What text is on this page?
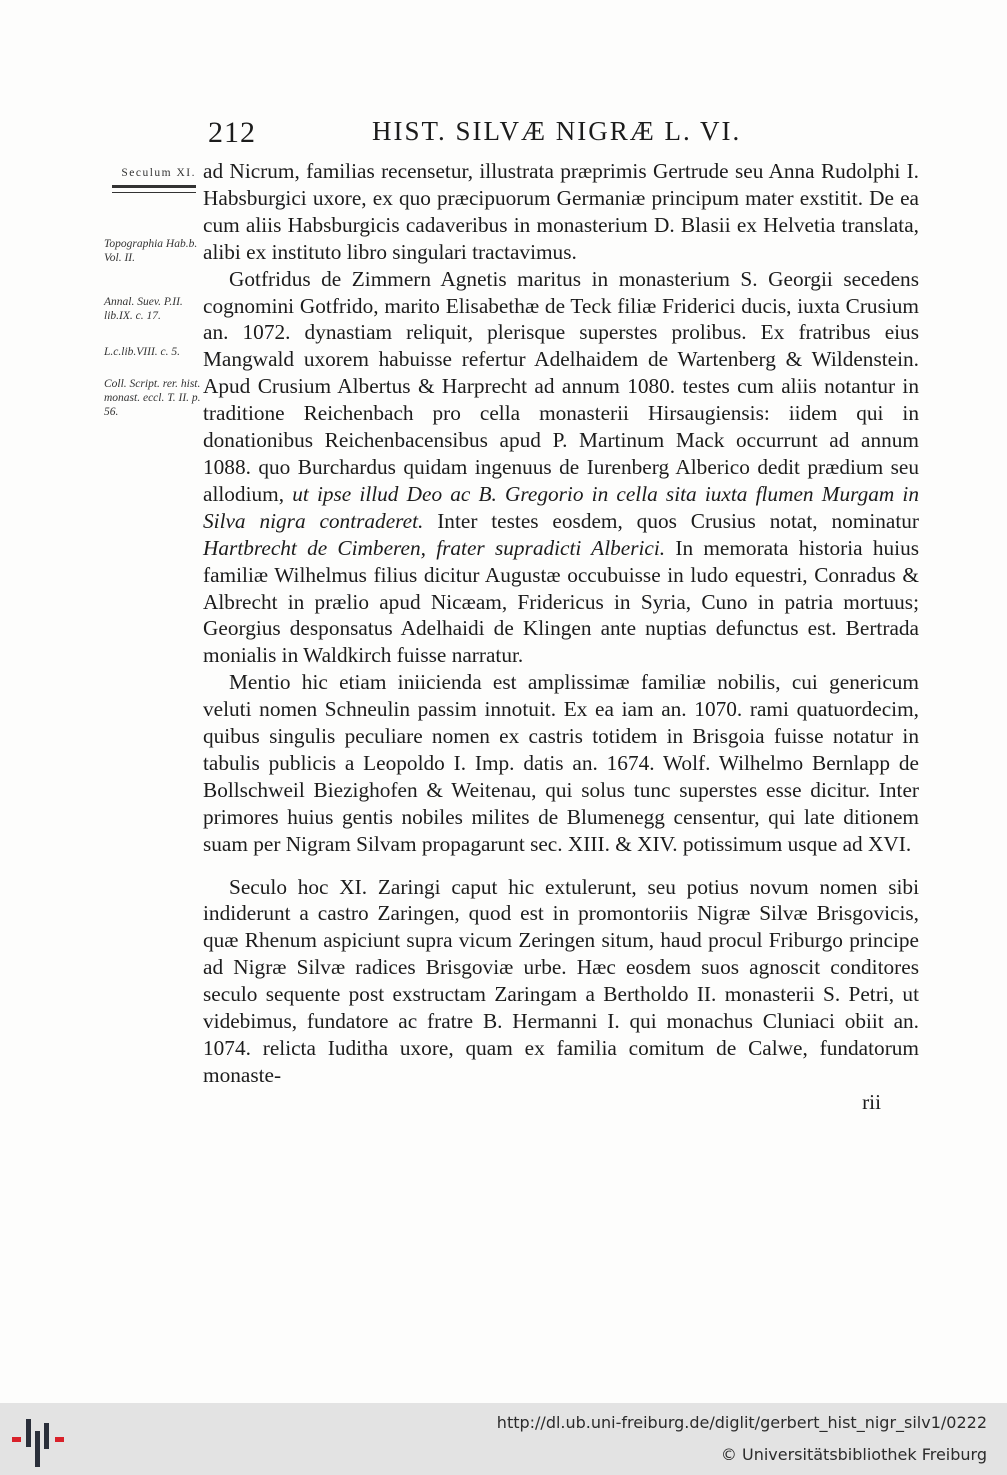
212	HIST. SILVÆ NIGRÆ L. VI.
Seculum XI.
Topographia Hab.b. Vol. II.
Annal. Suev. P.II. lib.IX. c. 17.
L.c.lib.VIII. c. 5.
Coll. Script. rer. hist. monast. eccl. T. II. p. 56.

ad Nicrum, familias recensetur, illustrata præprimis Gertrude seu Anna Rudolphi I. Habsburgici uxore, ex quo præcipuorum Germaniæ principum mater exstitit. De ea cum aliis Habsburgicis cadaveribus in monasterium D. Blasii ex Helvetia translata, alibi ex instituto libro singulari tractavimus.

Gotfridus de Zimmern Agnetis maritus in monasterium S. Georgii secedens cognomini Gotfrido, marito Elisabethæ de Teck filiæ Friderici ducis, iuxta Crusium an. 1072. dynastiam reliquit, plerisque superstes prolibus. Ex fratribus eius Mangwald uxorem habuisse refertur Adelhaidem de Wartenberg & Wildenstein. Apud Crusium Albertus & Harprecht ad annum 1080. testes cum aliis notantur in traditione Reichenbach pro cella monasterii Hirsaugiensis: iidem qui in donationibus Reichenbacensibus apud P. Martinum Mack occurrunt ad annum 1088. quo Burchardus quidam ingenuus de Iurenberg Alberico dedit prædium seu allodium, ut ipse illud Deo ac B. Gregorio in cella sita iuxta flumen Murgam in Silva nigra contraderet. Inter testes eosdem, quos Crusius notat, nominatur Hartbrecht de Cimberen, frater supradicti Alberici. In memorata historia huius familiæ Wilhelmus filius dicitur Augustæ occubuisse in ludo equestri, Conradus & Albrecht in prælio apud Nicæam, Fridericus in Syria, Cuno in patria mortuus; Georgius desponsatus Adelhaidi de Klingen ante nuptias defunctus est. Bertrada monialis in Waldkirch fuisse narratur.

Mentio hic etiam iniicienda est amplissimæ familiæ nobilis, cui genericum veluti nomen Schneulin passim innotuit. Ex ea iam an. 1070. rami quatuordecim, quibus singulis peculiare nomen ex castris totidem in Brisgoia fuisse notatur in tabulis publicis a Leopoldo I. Imp. datis an. 1674. Wolf. Wilhelmo Bernlapp de Bollschweil Biezighofen & Weitenau, qui solus tunc superstes esse dicitur. Inter primores huius gentis nobiles milites de Blumenegg censentur, qui late ditionem suam per Nigram Silvam propagarunt sec. XIII. & XIV. potissimum usque ad XVI.

Seculo hoc XI. Zaringi caput hic extulerunt, seu potius novum nomen sibi indiderunt a castro Zaringen, quod est in promontoriis Nigræ Silvæ Brisgovicis, quæ Rhenum aspiciunt supra vicum Zeringen situm, haud procul Friburgo principe ad Nigræ Silvæ radices Brisgoviæ urbe. Hæc eosdem suos agnoscit conditores seculo sequente post exstructam Zaringam a Bertholdo II. monasterii S. Petri, ut videbimus, fundatore ac fratre B. Hermanni I. qui monachus Cluniaci obiit an. 1074. relicta Iuditha uxore, quam ex familia comitum de Calwe, fundatorum monaste-

rii

http://dl.ub.uni-freiburg.de/diglit/gerbert_hist_nigr_silv1/0222
© Universitätsbibliothek Freiburg
